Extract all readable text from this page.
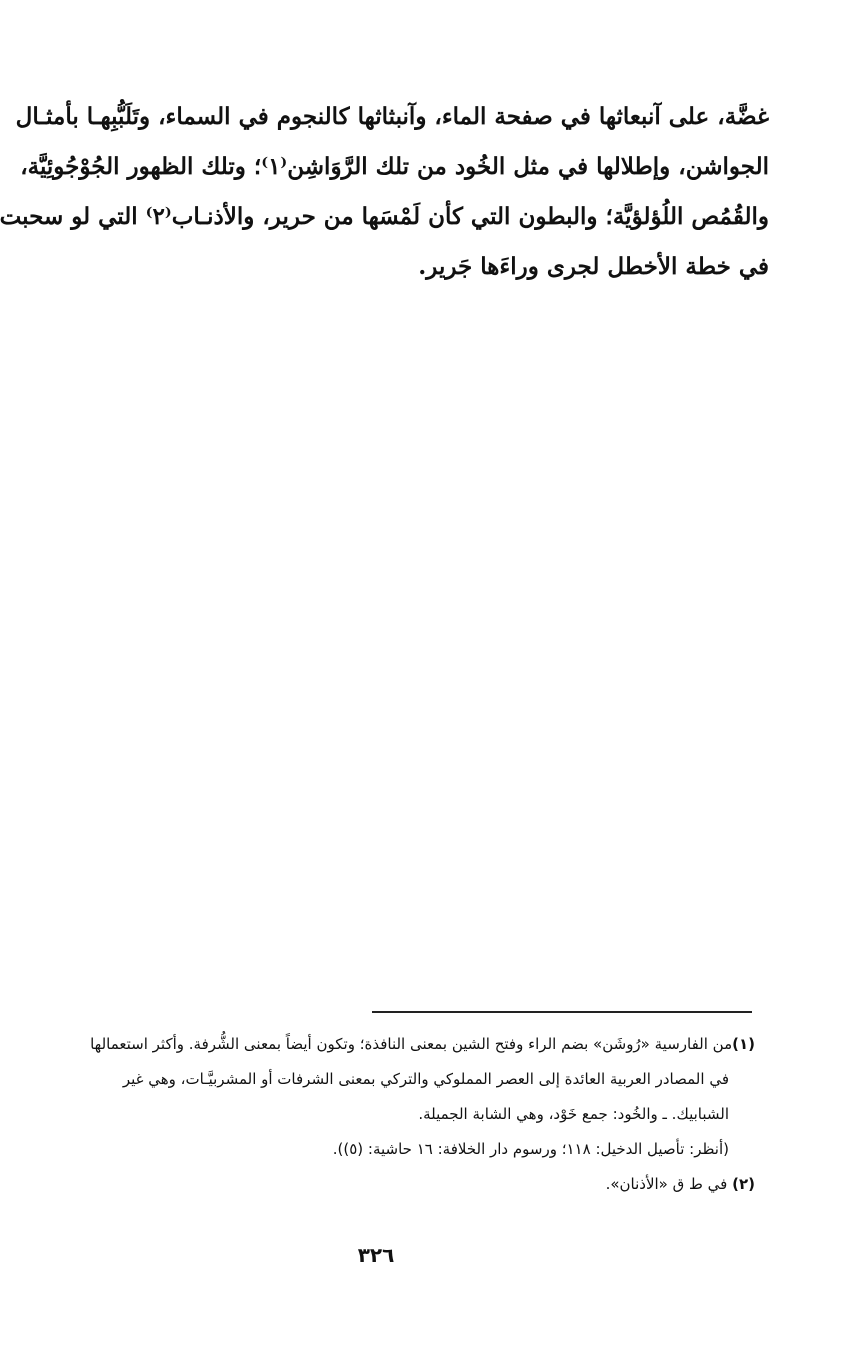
غضَّة، على آنبعاثها في صفحة الماء، وآنبثاثها كالنجوم في السماء، وتَلَبُّبِهـا بأمثـال
الجواشن، وإطلالها في مثل الخُود من تلك الرَّوَاشِن⁽١⁾؛ وتلك الظهور الجُوْجُوئِيَّة،
والقُمُص اللُؤلؤيَّة؛ والبطون التي كأن لَمْسَها من حرير، والأذنـاب⁽٢⁾ التي لو سحبت
في خطة الأخطل لجرى وراءَها جَرير.
(١)من الفارسية «رُوشَن» بضم الراء وفتح الشين بمعنى النافذة؛ وتكون أيضاً بمعنى الشُّرفة. وأكثر استعمالها
في المصادر العربية العائدة إلى العصر المملوكي والتركي بمعنى الشرفات أو المشربيَّـات، وهي غير
الشبابيك. ـ والخُود: جمع خَوْد، وهي الشابة الجميلة.
(أنظر: تأصيل الدخيل: ١١٨؛ ورسوم دار الخلافة: ١٦ حاشية: (٥)).
(٢) في ط ق «الأذنان».
٣٢٦
